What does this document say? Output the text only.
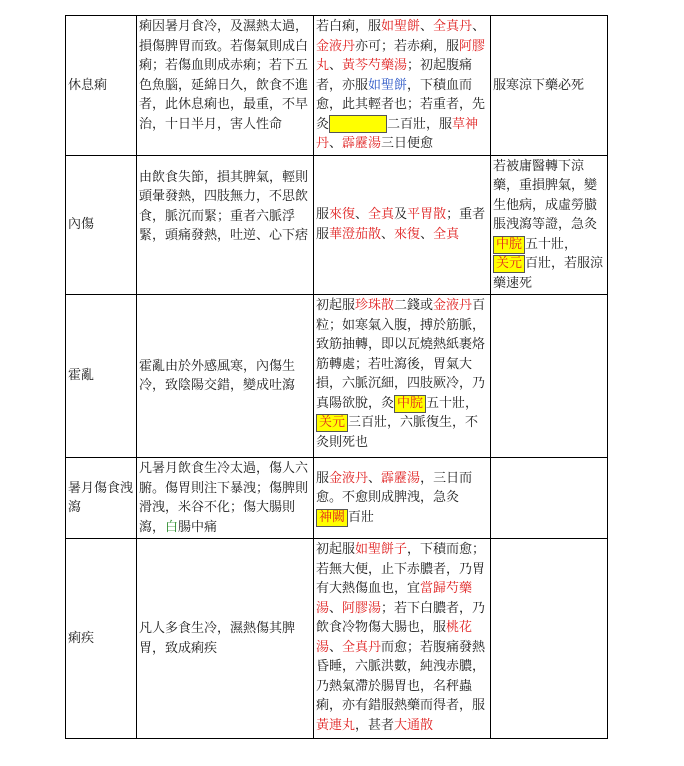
休息痢	痢因暑月食冷，及濕熱太過，損傷脾胃而致。若傷氣則成白痢；若傷血則成赤痢；若下五色魚腦，延綿日久，飲食不進者，此休息痢也，最重，不早治，十日半月，害人性命	若白痢，服如聖餅、全真丹、金液丹亦可；若赤痢，服阿膠丸、黃芩芍藥湯；初起腹痛者，亦服如聖餅，下積血而愈，此其輕者也；若重者，先灸 二百壯，服草神丹、霹靂湯三日便愈	服寒涼下藥必死
內傷	由飲食失節，損其脾氣，輕則頭暈發熱，四肢無力，不思飲食，脈沉而緊；重者六脈浮緊，頭痛發熱，吐逆、心下痞	服來復、全真及平胃散；重者服華澄茄散、來復、全真	若被庸醫轉下涼藥，重損脾氣，變生他病，成虛勞臌脹洩瀉等證，急灸中脘 五十壯，关元 百壯，若服涼藥速死
霍亂	霍亂由於外感風寒，內傷生冷，致陰陽交錯，變成吐瀉	初起服珍珠散二錢或金液丹百粒；如寒氣入腹，搏於筋脈，致筋抽轉，即以瓦燒熱紙裹烙筋轉處；若吐瀉後，胃氣大損，六脈沉細，四肢厥冷，乃真陽欲脫，灸 中脘 五十壯，关元 三百壯，六脈復生，不灸則死也	
暑月傷食洩瀉	凡暑月飲食生冷太過，傷人六腑。傷胃則注下暴洩；傷脾則滑洩，米谷不化；傷大腸則瀉，白腸中痛	服金液丹、霹靂湯，三日而愈。不愈則成脾洩，急灸神闕 百壯	
痢疾	凡人多食生冷，濕熱傷其脾胃，致成痢疾	初起服如聖餅子，下積而愈；若無大便，止下赤膿者，乃胃有大熱傷血也，宜當歸芍藥湯、阿膠湯；若下白膿者，乃飲食冷物傷大腸也，服桃花湯、全真丹而愈；若腹痛發熱昏睡，六脈洪數，純洩赤膿，乃熱氣滯於腸胃也，名秤蟲痢，亦有錯服熱藥而得者，服黃連丸，甚者大通散	
